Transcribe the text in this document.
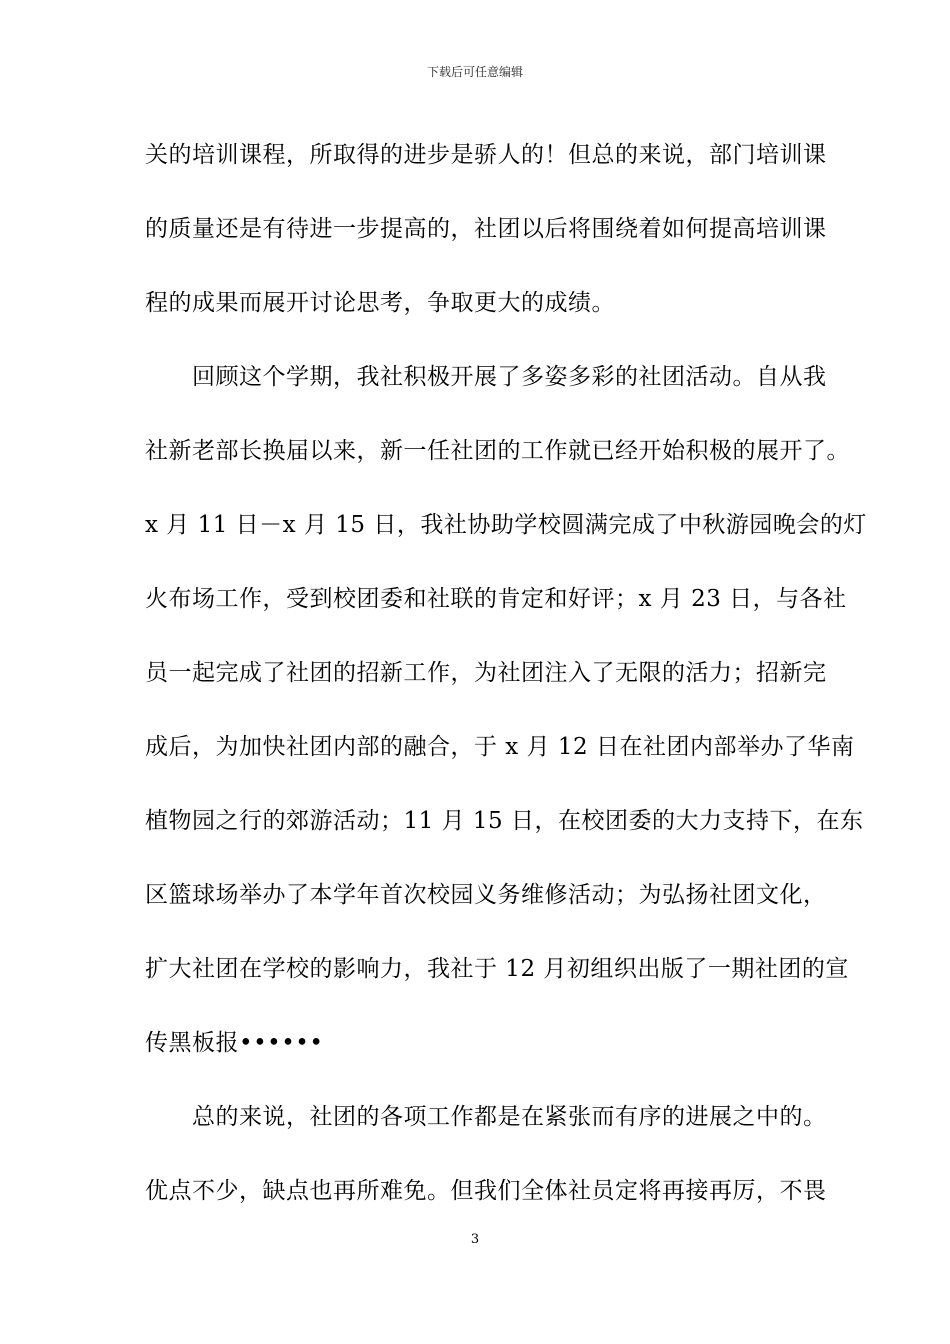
下载后可任意编辑
关的培训课程，所取得的进步是骄人的！但总的来说，部门培训课
的质量还是有待进一步提高的，社团以后将围绕着如何提高培训课
程的成果而展开讨论思考，争取更大的成绩。
　　回顾这个学期，我社积极开展了多姿多彩的社团活动。自从我
社新老部长换届以来，新一任社团的工作就已经开始积极的展开了。
x 月 11 日－x 月 15 日，我社协助学校圆满完成了中秋游园晚会的灯
火布场工作，受到校团委和社联的肯定和好评；x 月 23 日，与各社
员一起完成了社团的招新工作，为社团注入了无限的活力；招新完
成后，为加快社团内部的融合，于 x 月 12 日在社团内部举办了华南
植物园之行的郊游活动；11 月 15 日，在校团委的大力支持下，在东
区篮球场举办了本学年首次校园义务维修活动；为弘扬社团文化，
扩大社团在学校的影响力，我社于 12 月初组织出版了一期社团的宣
传黑板报••••••
　　总的来说，社团的各项工作都是在紧张而有序的进展之中的。
优点不少，缺点也再所难免。但我们全体社员定将再接再厉，不畏
3
